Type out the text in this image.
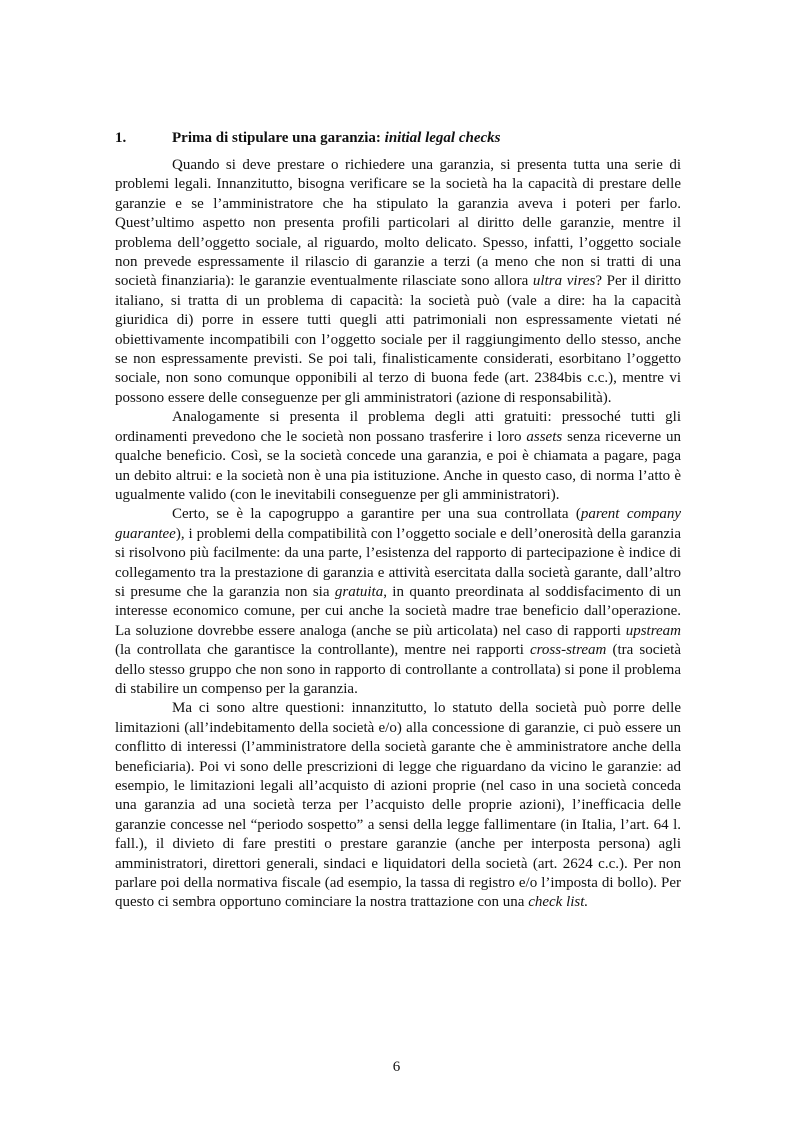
1.	Prima di stipulare una garanzia: initial legal checks

Quando si deve prestare o richiedere una garanzia, si presenta tutta una serie di problemi legali. Innanzitutto, bisogna verificare se la società ha la capacità di prestare delle garanzie e se l’amministratore che ha stipulato la garanzia aveva i poteri per farlo. Quest’ultimo aspetto non presenta profili particolari al diritto delle garanzie, mentre il problema dell’oggetto sociale, al riguardo, molto delicato. Spesso, infatti, l’oggetto sociale non prevede espressamente il rilascio di garanzie a terzi (a meno che non si tratti di una società finanziaria): le garanzie eventualmente rilasciate sono allora ultra vires? Per il diritto italiano, si tratta di un problema di capacità: la società può (vale a dire: ha la capacità giuridica di) porre in essere tutti quegli atti patrimoniali non espressamente vietati né obiettivamente incompatibili con l’oggetto sociale per il raggiungimento dello stesso, anche se non espressamente previsti. Se poi tali, finalisticamente considerati, esorbitano l’oggetto sociale, non sono comunque opponibili al terzo di buona fede (art. 2384bis c.c.), mentre vi possono essere delle conseguenze per gli amministratori (azione di responsabilità).

Analogamente si presenta il problema degli atti gratuiti: pressoché tutti gli ordinamenti prevedono che le società non possano trasferire i loro assets senza riceverne un qualche beneficio. Così, se la società concede una garanzia, e poi è chiamata a pagare, paga un debito altrui: e la società non è una pia istituzione. Anche in questo caso, di norma l’atto è ugualmente valido (con le inevitabili conseguenze per gli amministratori).

Certo, se è la capogruppo a garantire per una sua controllata (parent company guarantee), i problemi della compatibilità con l’oggetto sociale e dell’onerosità della garanzia si risolvono più facilmente: da una parte, l’esistenza del rapporto di partecipazione è indice di collegamento tra la prestazione di garanzia e attività esercitata dalla società garante, dall’altro si presume che la garanzia non sia gratuita, in quanto preordinata al soddisfacimento di un interesse economico comune, per cui anche la società madre trae beneficio dall’operazione. La soluzione dovrebbe essere analoga (anche se più articolata) nel caso di rapporti upstream (la controllata che garantisce la controllante), mentre nei rapporti cross-stream (tra società dello stesso gruppo che non sono in rapporto di controllante a controllata) si pone il problema di stabilire un compenso per la garanzia.

Ma ci sono altre questioni: innanzitutto, lo statuto della società può porre delle limitazioni (all’indebitamento della società e/o) alla concessione di garanzie, ci può essere un conflitto di interessi (l’amministratore della società garante che è amministratore anche della beneficiaria). Poi vi sono delle prescrizioni di legge che riguardano da vicino le garanzie: ad esempio, le limitazioni legali all’acquisto di azioni proprie (nel caso in una società conceda una garanzia ad una società terza per l’acquisto delle proprie azioni), l’inefficacia delle garanzie concesse nel “periodo sospetto” a sensi della legge fallimentare (in Italia, l’art. 64 l. fall.), il divieto di fare prestiti o prestare garanzie (anche per interposta persona) agli amministratori, direttori generali, sindaci e liquidatori della società (art. 2624 c.c.). Per non parlare poi della normativa fiscale (ad esempio, la tassa di registro e/o l’imposta di bollo). Per questo ci sembra opportuno cominciare la nostra trattazione con una check list.

6
